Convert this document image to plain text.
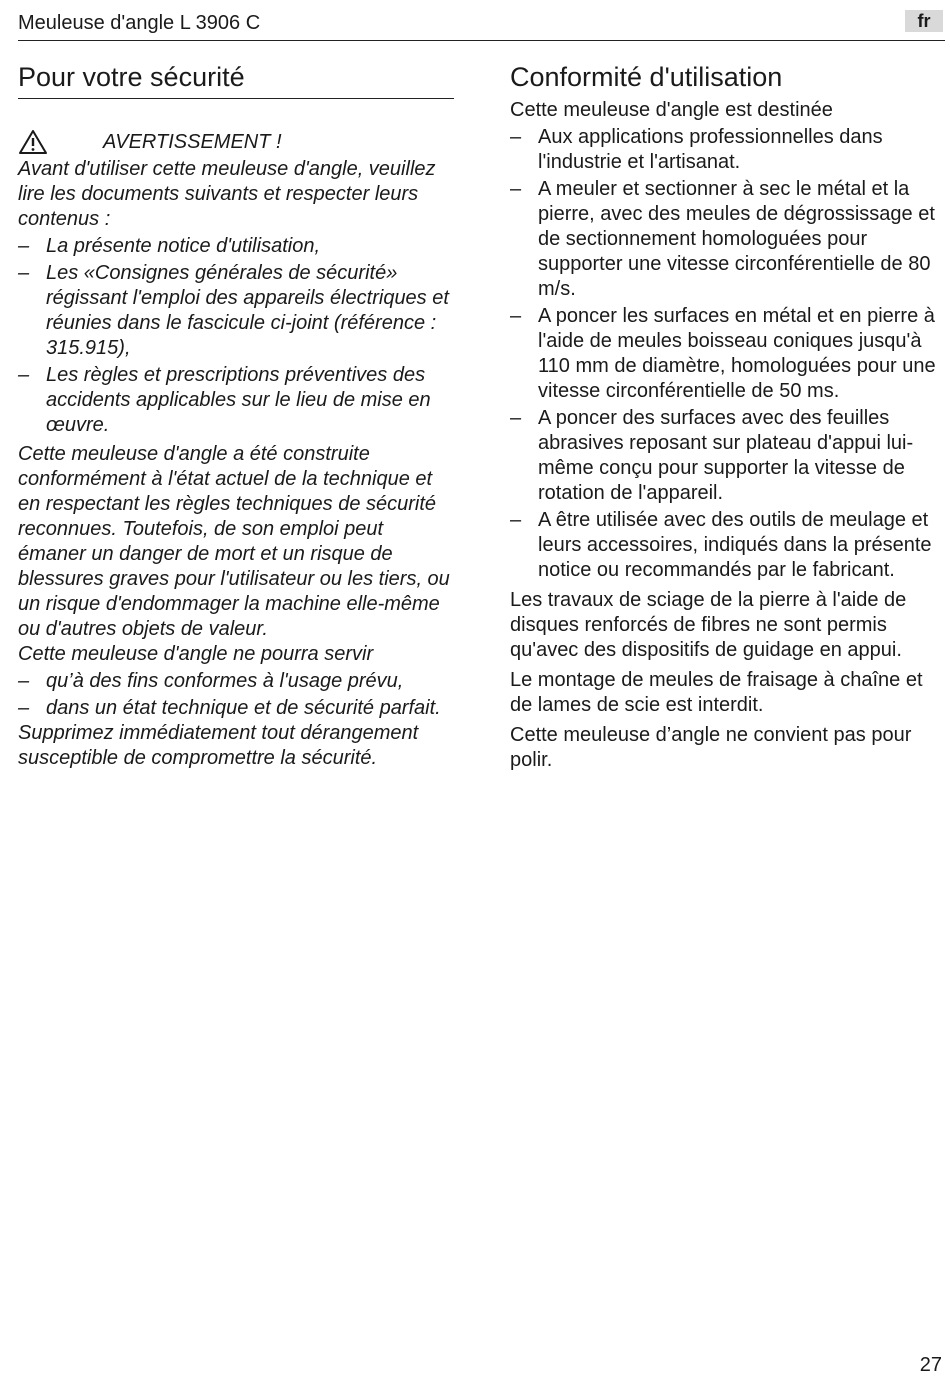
Meuleuse d'angle L 3906 C	fr
Pour votre sécurité
AVERTISSEMENT !

Avant d'utiliser cette meuleuse d'angle, veuillez lire les documents suivants et respecter leurs contenus :

– La présente notice d'utilisation,
– Les «Consignes générales de sécurité» régissant l'emploi des appareils électriques et réunies dans le fascicule ci-joint (référence : 315.915),
– Les règles et prescriptions préventives des accidents applicables sur le lieu de mise en œuvre.

Cette meuleuse d'angle a été construite conformément à l'état actuel de la technique et en respectant les règles techniques de sécurité reconnues. Toutefois, de son emploi peut émaner un danger de mort et un risque de blessures graves pour l'utilisateur ou les tiers, ou un risque d'endommager la machine elle-même ou d'autres objets de valeur.

Cette meuleuse d'angle ne pourra servir

– qu’à des fins conformes à l'usage prévu,
– dans un état technique et de sécurité parfait.

Supprimez immédiatement tout dérangement susceptible de compromettre la sécurité.

Conformité d'utilisation

Cette meuleuse d'angle est destinée

– Aux applications professionnelles dans l'industrie et l'artisanat.
– A meuler et sectionner à sec le métal et la pierre, avec des meules de dégrossissage et de sectionnement homologuées pour supporter une vitesse circonférentielle de 80 m/s.
– A poncer les surfaces en métal et en pierre à l'aide de meules boisseau coniques jusqu'à 110 mm de diamètre, homologuées pour une vitesse circonférentielle de 50 ms.
– A poncer des surfaces avec des feuilles abrasives reposant sur plateau d'appui lui-même conçu pour supporter la vitesse de rotation de l'appareil.
– A être utilisée avec des outils de meulage et leurs accessoires, indiqués dans la présente notice ou recommandés par le fabricant.

Les travaux de sciage de la pierre à l'aide de disques renforcés de fibres ne sont permis qu'avec des dispositifs de guidage en appui.

Le montage de meules de fraisage à chaîne et de lames de scie est interdit.

Cette meuleuse d’angle ne convient pas pour polir.

27
